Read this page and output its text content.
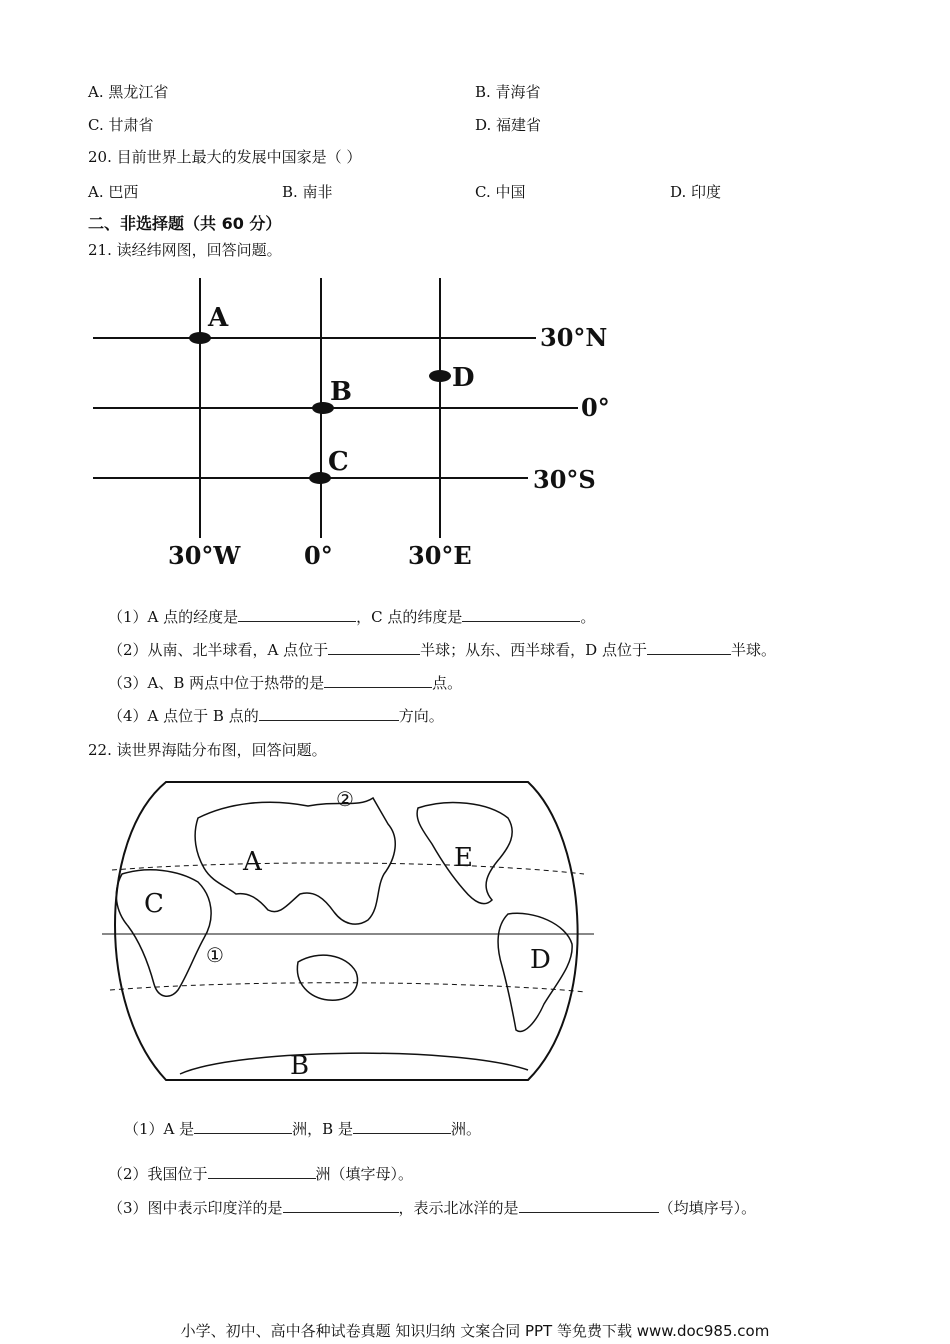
A. 黑龙江省	B. 青海省
C. 甘肃省	D. 福建省
20. 目前世界上最大的发展中国家是（ ）
A. 巴西	B. 南非	C. 中国	D. 印度
二、非选择题（共 60 分）
21. 读经纬网图，回答问题。
A
B
C
D
30°N
0°
30°S
30°W	0°	30°E
（1）A 点的经度是	，C 点的纬度是	。
（2）从南、北半球看，A 点位于	半球；从东、西半球看，D 点位于	半球。
（3）A、B 两点中位于热带的是	点。
（4）A 点位于 B 点的	方向。
22. 读世界海陆分布图，回答问题。
A
B
C
D
E
①
②
（1）A 是	洲，B 是	洲。
（2）我国位于	洲（填字母）。
（3）图中表示印度洋的是	，表示北冰洋的是	（均填序号）。
小学、初中、高中各种试卷真题 知识归纳 文案合同 PPT 等免费下载 www.doc985.com
